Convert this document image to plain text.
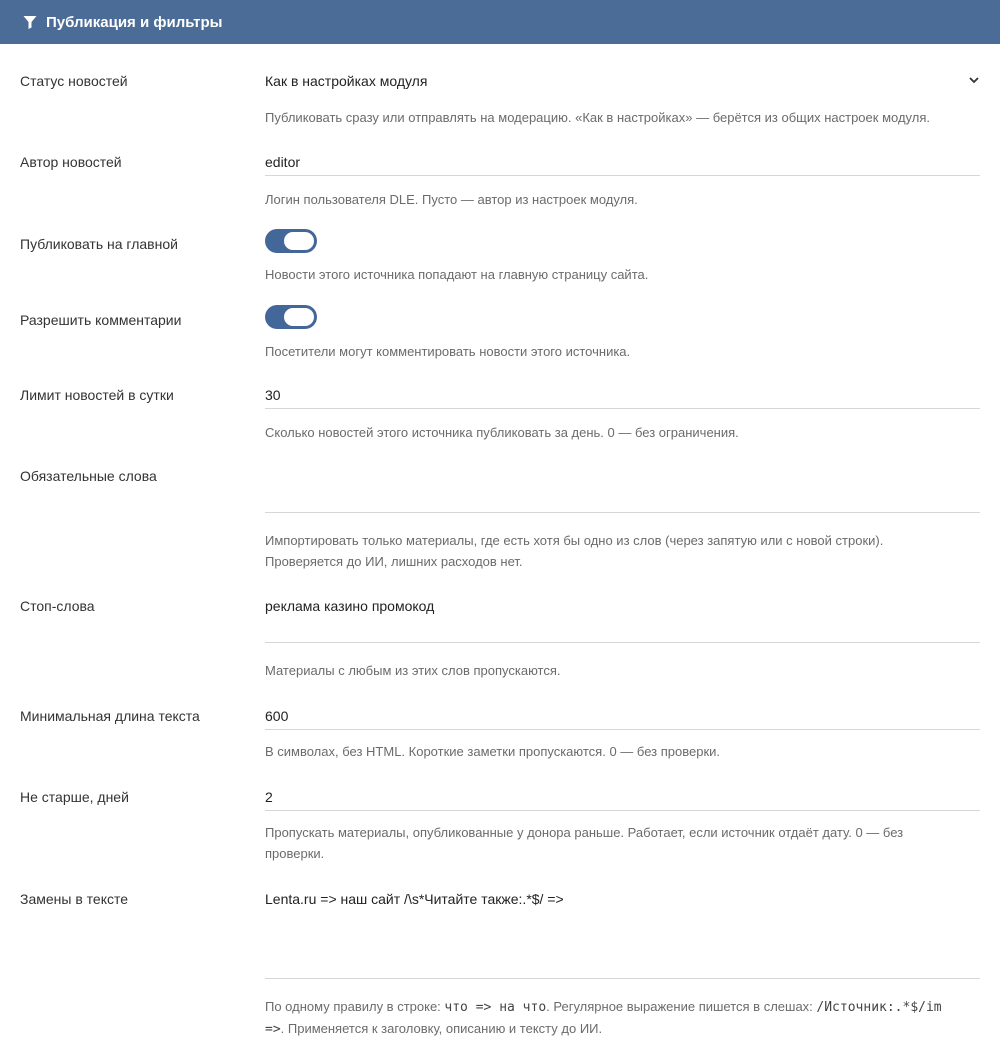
Публикация и фильтры
Статус новостей	Как в настройках модуля
Публиковать сразу или отправлять на модерацию. «Как в настройках» — берётся из общих настроек модуля.
Автор новостей	editor
Логин пользователя DLE. Пусто — автор из настроек модуля.
Публиковать на главной
Новости этого источника попадают на главную страницу сайта.
Разрешить комментарии
Посетители могут комментировать новости этого источника.
Лимит новостей в сутки	30
Сколько новостей этого источника публиковать за день. 0 — без ограничения.
Обязательные слова
Импортировать только материалы, где есть хотя бы одно из слов (через запятую или с новой строки).
Проверяется до ИИ, лишних расходов нет.
Стоп-слова	реклама казино промокод
Материалы с любым из этих слов пропускаются.
Минимальная длина текста	600
В символах, без HTML. Короткие заметки пропускаются. 0 — без проверки.
Не старше, дней	2
Пропускать материалы, опубликованные у донора раньше. Работает, если источник отдаёт дату. 0 — без
проверки.
Замены в тексте	Lenta.ru => наш сайт /\s*Читайте также:.*$/ =>
По одному правилу в строке: что => на что. Регулярное выражение пишется в слешах: /Источник:.*$/im
=>. Применяется к заголовку, описанию и тексту до ИИ.
